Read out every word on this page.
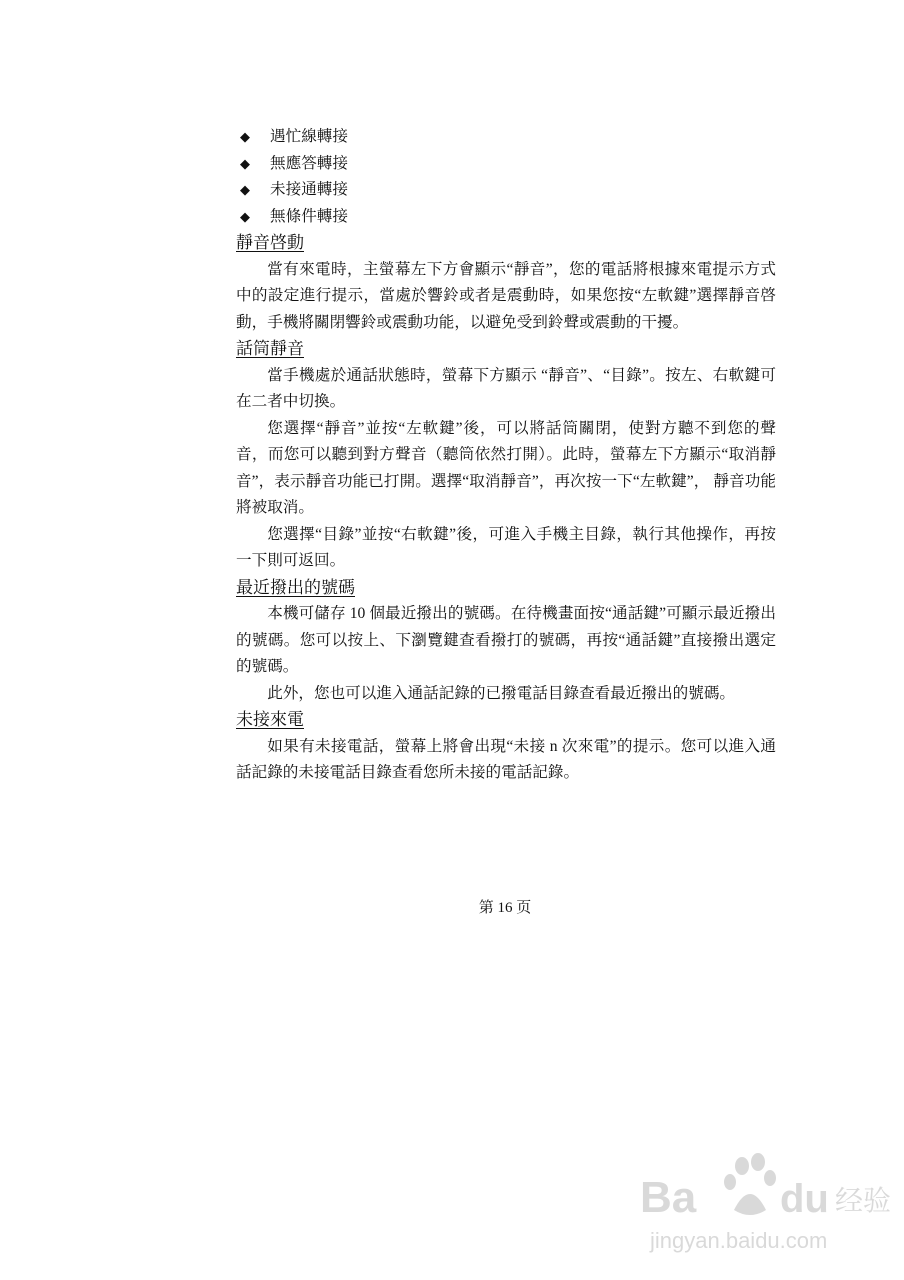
◆ 遇忙線轉接
◆ 無應答轉接
◆ 未接通轉接
◆ 無條件轉接
靜音啓動

當有來電時，主螢幕左下方會顯示“靜音”，您的電話將根據來電提示方式中的設定進行提示，當處於響鈴或者是震動時，如果您按“左軟鍵”選擇靜音啓動，手機將關閉響鈴或震動功能，以避免受到鈴聲或震動的干擾。

話筒靜音

當手機處於通話狀態時，螢幕下方顯示 “靜音”、“目錄”。按左、右軟鍵可在二者中切換。

您選擇“靜音”並按“左軟鍵”後，可以將話筒關閉，使對方聽不到您的聲音，而您可以聽到對方聲音（聽筒依然打開）。此時，螢幕左下方顯示“取消靜音”，表示靜音功能已打開。選擇“取消靜音”，再次按一下“左軟鍵”， 靜音功能將被取消。

您選擇“目錄”並按“右軟鍵”後，可進入手機主目錄，執行其他操作，再按一下則可返回。

最近撥出的號碼

本機可儲存 10 個最近撥出的號碼。在待機畫面按“通話鍵”可顯示最近撥出的號碼。您可以按上、下瀏覽鍵查看撥打的號碼，再按“通話鍵”直接撥出選定的號碼。

此外，您也可以進入通話記錄的已撥電話目錄查看最近撥出的號碼。

未接來電

如果有未接電話，螢幕上將會出現“未接 n 次來電”的提示。您可以進入通話記錄的未接電話目錄查看您所未接的電話記錄。

第 16 页
Ba du 经验
jingyan.baidu.com
